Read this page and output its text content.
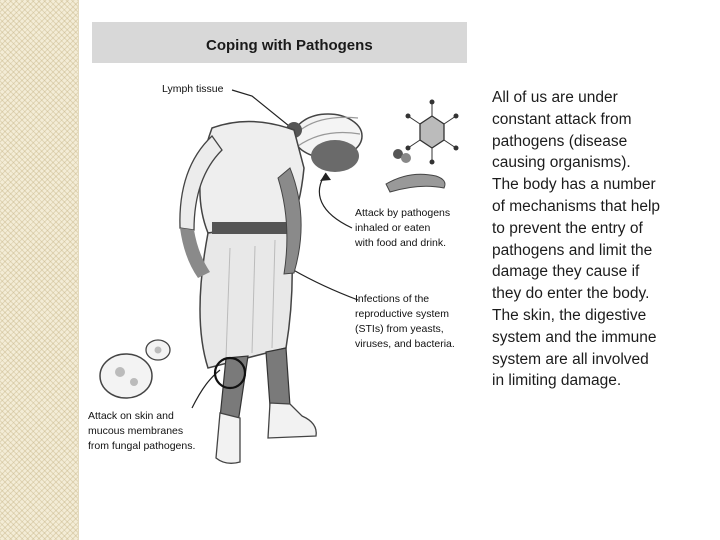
Coping with Pathogens
Lymph tissue
Attack by pathogens
inhaled or eaten
with food and drink.
Infections of the
reproductive system
(STIs) from yeasts,
viruses, and bacteria.
Attack on skin and
mucous membranes
from fungal pathogens.
All of us are under
constant attack from
pathogens (disease
causing organisms).
The body has a number
of mechanisms that help
to prevent the entry of
pathogens and limit the
damage they cause if
they do enter the body.
The skin, the digestive
system and the immune
system are all involved
in limiting damage.
